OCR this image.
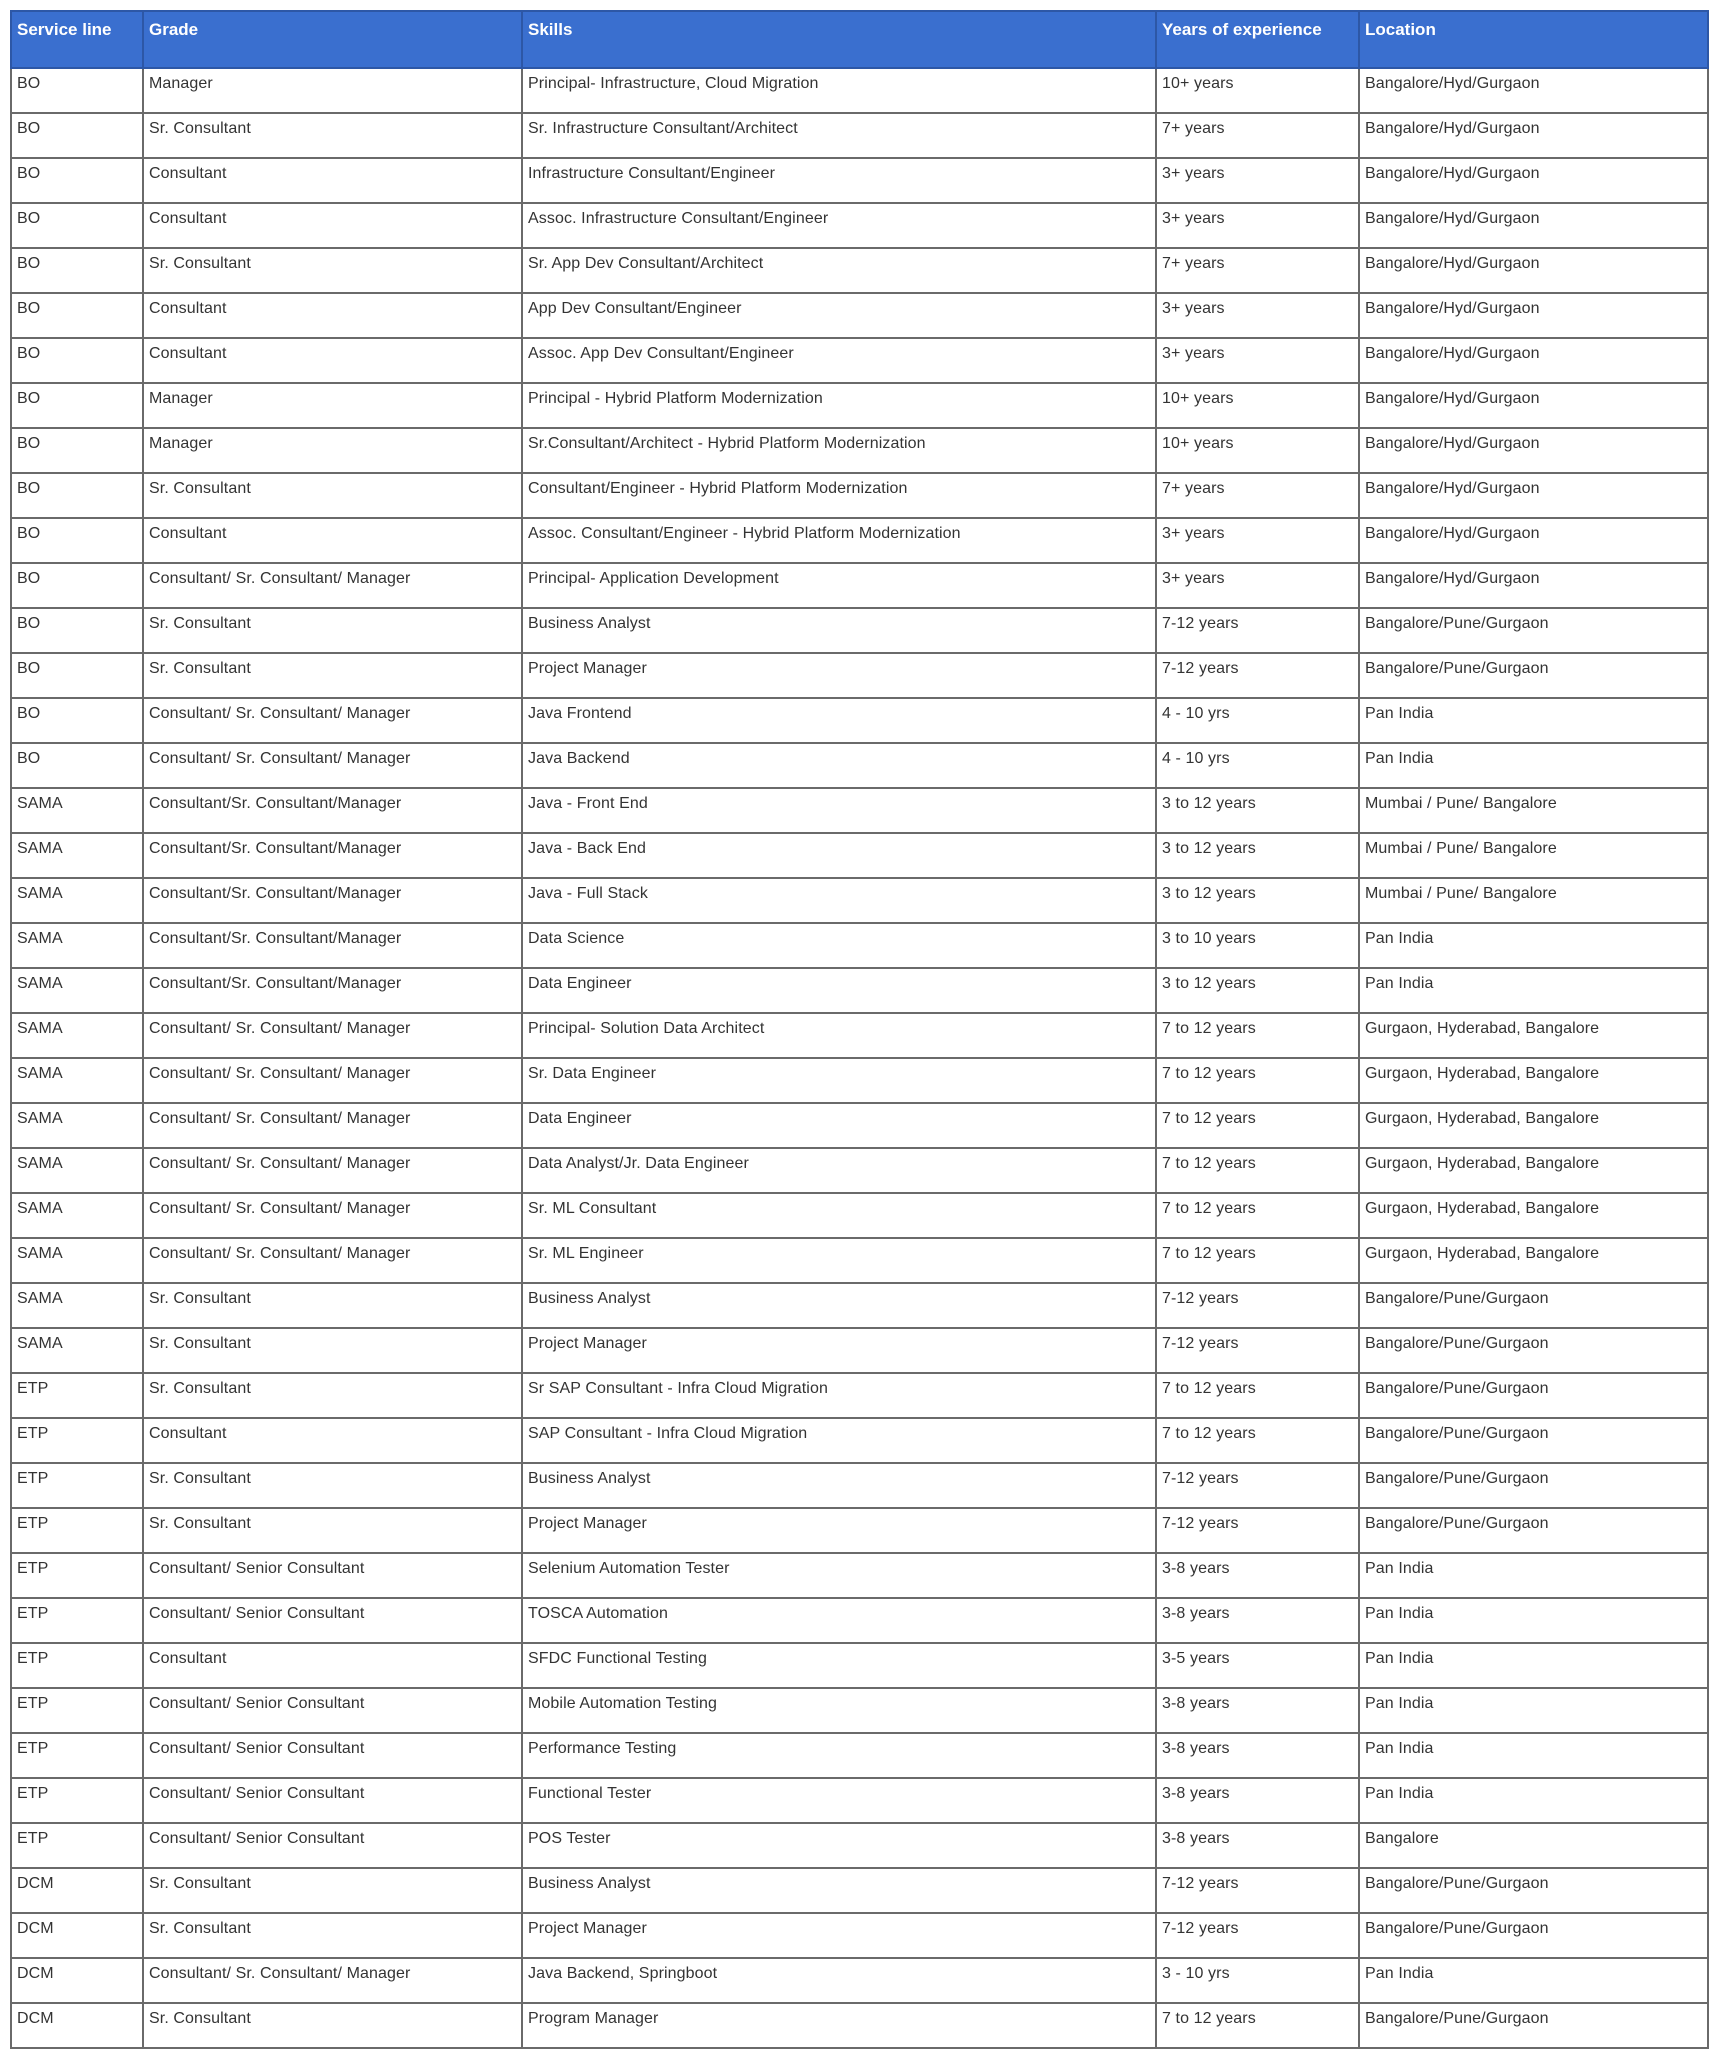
Service line	Grade	Skills	Years of experience	Location
BO	Manager	Principal- Infrastructure, Cloud Migration	10+ years	Bangalore/Hyd/Gurgaon
BO	Sr. Consultant	Sr. Infrastructure Consultant/Architect	7+ years	Bangalore/Hyd/Gurgaon
BO	Consultant	Infrastructure Consultant/Engineer	3+ years	Bangalore/Hyd/Gurgaon
BO	Consultant	Assoc. Infrastructure Consultant/Engineer	3+ years	Bangalore/Hyd/Gurgaon
BO	Sr. Consultant	Sr. App Dev Consultant/Architect	7+ years	Bangalore/Hyd/Gurgaon
BO	Consultant	App Dev Consultant/Engineer	3+ years	Bangalore/Hyd/Gurgaon
BO	Consultant	Assoc. App Dev Consultant/Engineer	3+ years	Bangalore/Hyd/Gurgaon
BO	Manager	Principal - Hybrid Platform Modernization	10+ years	Bangalore/Hyd/Gurgaon
BO	Manager	Sr.Consultant/Architect - Hybrid Platform Modernization	10+ years	Bangalore/Hyd/Gurgaon
BO	Sr. Consultant	Consultant/Engineer - Hybrid Platform Modernization	7+ years	Bangalore/Hyd/Gurgaon
BO	Consultant	Assoc. Consultant/Engineer - Hybrid Platform Modernization	3+ years	Bangalore/Hyd/Gurgaon
BO	Consultant/ Sr. Consultant/ Manager	Principal- Application Development	3+ years	Bangalore/Hyd/Gurgaon
BO	Sr. Consultant	Business Analyst	7-12 years	Bangalore/Pune/Gurgaon
BO	Sr. Consultant	Project Manager	7-12 years	Bangalore/Pune/Gurgaon
BO	Consultant/ Sr. Consultant/ Manager	Java Frontend	4 - 10 yrs	Pan India
BO	Consultant/ Sr. Consultant/ Manager	Java Backend	4 - 10 yrs	Pan India
SAMA	Consultant/Sr. Consultant/Manager	Java - Front End	3 to 12 years	Mumbai / Pune/ Bangalore
SAMA	Consultant/Sr. Consultant/Manager	Java - Back End	3 to 12 years	Mumbai / Pune/ Bangalore
SAMA	Consultant/Sr. Consultant/Manager	Java - Full Stack	3 to 12 years	Mumbai / Pune/ Bangalore
SAMA	Consultant/Sr. Consultant/Manager	Data Science	3 to 10 years	Pan India
SAMA	Consultant/Sr. Consultant/Manager	Data Engineer	3 to 12 years	Pan India
SAMA	Consultant/ Sr. Consultant/ Manager	Principal- Solution Data Architect	7 to 12 years	Gurgaon, Hyderabad, Bangalore
SAMA	Consultant/ Sr. Consultant/ Manager	Sr. Data Engineer	7 to 12 years	Gurgaon, Hyderabad, Bangalore
SAMA	Consultant/ Sr. Consultant/ Manager	Data Engineer	7 to 12 years	Gurgaon, Hyderabad, Bangalore
SAMA	Consultant/ Sr. Consultant/ Manager	Data Analyst/Jr. Data Engineer	7 to 12 years	Gurgaon, Hyderabad, Bangalore
SAMA	Consultant/ Sr. Consultant/ Manager	Sr. ML Consultant	7 to 12 years	Gurgaon, Hyderabad, Bangalore
SAMA	Consultant/ Sr. Consultant/ Manager	Sr. ML Engineer	7 to 12 years	Gurgaon, Hyderabad, Bangalore
SAMA	Sr. Consultant	Business Analyst	7-12 years	Bangalore/Pune/Gurgaon
SAMA	Sr. Consultant	Project Manager	7-12 years	Bangalore/Pune/Gurgaon
ETP	Sr. Consultant	Sr SAP Consultant - Infra Cloud Migration	7 to 12 years	Bangalore/Pune/Gurgaon
ETP	Consultant	SAP Consultant - Infra Cloud Migration	7 to 12 years	Bangalore/Pune/Gurgaon
ETP	Sr. Consultant	Business Analyst	7-12 years	Bangalore/Pune/Gurgaon
ETP	Sr. Consultant	Project Manager	7-12 years	Bangalore/Pune/Gurgaon
ETP	Consultant/ Senior Consultant	Selenium Automation Tester	3-8 years	Pan India
ETP	Consultant/ Senior Consultant	TOSCA Automation	3-8 years	Pan India
ETP	Consultant	SFDC Functional Testing	3-5 years	Pan India
ETP	Consultant/ Senior Consultant	Mobile Automation Testing	3-8 years	Pan India
ETP	Consultant/ Senior Consultant	Performance Testing	3-8 years	Pan India
ETP	Consultant/ Senior Consultant	Functional Tester	3-8 years	Pan India
ETP	Consultant/ Senior Consultant	POS Tester	3-8 years	Bangalore
DCM	Sr. Consultant	Business Analyst	7-12 years	Bangalore/Pune/Gurgaon
DCM	Sr. Consultant	Project Manager	7-12 years	Bangalore/Pune/Gurgaon
DCM	Consultant/ Sr. Consultant/ Manager	Java Backend, Springboot	3 - 10 yrs	Pan India
DCM	Sr. Consultant	Program Manager	7 to 12 years	Bangalore/Pune/Gurgaon
